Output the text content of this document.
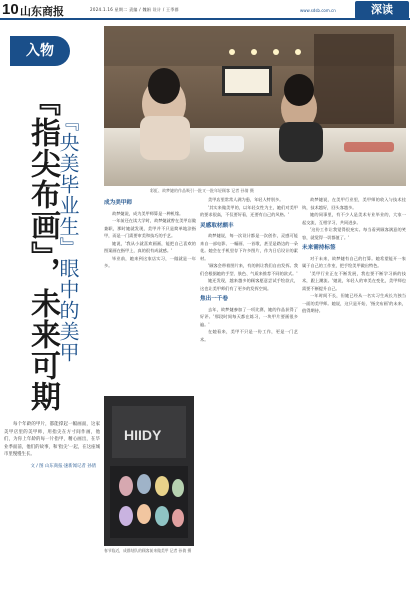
10 山东商报	2024.1.16 星期二 责编 / 魏娟 设计 / 王季群	www.sdsb.com.cn	深读
入物
『指尖布画』，未来可期
『央美毕业生』眼中的美甲

每个年龄的甲片，都能撑起一幅画面，这家美甲店里的美甲师，用指尖在方寸间作画，他们，为你上年龄的每一片指甲，精心画出，在毕业季面前，他们的故事，和'指尖'一起，在这座城市里慢慢生长。

文 / 图 山东商报·速新闻记者 孙倩

彩虹、故梦婕的作品吸引一批又一批年轻顾客 记者 孙倩 摄
HIIDY
春节临近，成群结队的顾客前来做美甲 记者 孙倩 摄
成为美甲师

故梦婕说，成为美甲师算是一种机缘。

一年前还在读大学时，故梦婕就曾在美甲店做兼职，那时她就发现，美甲并不只是简单地涂指甲，而是一门需要审美和技巧的手艺。

她说，'我从小就喜欢画画，能把自己喜欢的图案画在指甲上，真的很有成就感。'

毕业前，她来到这家店实习，一做就是一年多。

美甲店里常常人满为患，年轻人特别多。

'其实来做美甲的，以年轻女性为主，她们对美甲的要求很高，不仅要好看，还要有自己的风格。'

灵感取材颇丰

故梦婕说，每一次设计都是一次创作，灵感可能来自一部电影、一幅画、一首歌，甚至是路边的一朵花。她会在手机里存下许多图片，作为日后设计的素材。

'顾客会带着图片来，有的则让我们自由发挥。我们会根据她的手型、肤色、气质来推荐不同的款式。'

她还发现，越来越多的顾客愿意尝试手绘款式，这也让美甲师们有了更多的发挥空间。

焦出一千卷

去年，故梦婕参加了一项比赛，她的作品获得了好评。'那段时间每天都在练习，一块甲片要画很多遍。'

在她看来，美甲不只是一份工作，更是一门艺术。

故梦婕说，在美甲行业里，美甲师的收入与技术挂钩，技术越好，回头客越多。

她的同事里，有不少人是美术专业毕业的，大家一起交流，互相学习，共同进步。

'这份工作让我觉得很充实。每当看到顾客满意的笑容，就觉得一切都值了。'

未来需持标签

对于未来，故梦婕有自己的打算。她希望能开一家属于自己的工作室，把手绘美甲做出特色。

'美甲行业正在不断发展，我也要不断学习新的技术，跟上潮流。'她说，年轻人的审美在变化，美甲师也需要不断提升自己。

一年时间不长，但她已经从一名实习生成长为独当一面的美甲师。她说，这只是开始，'指尖布画'的未来，值得期待。
